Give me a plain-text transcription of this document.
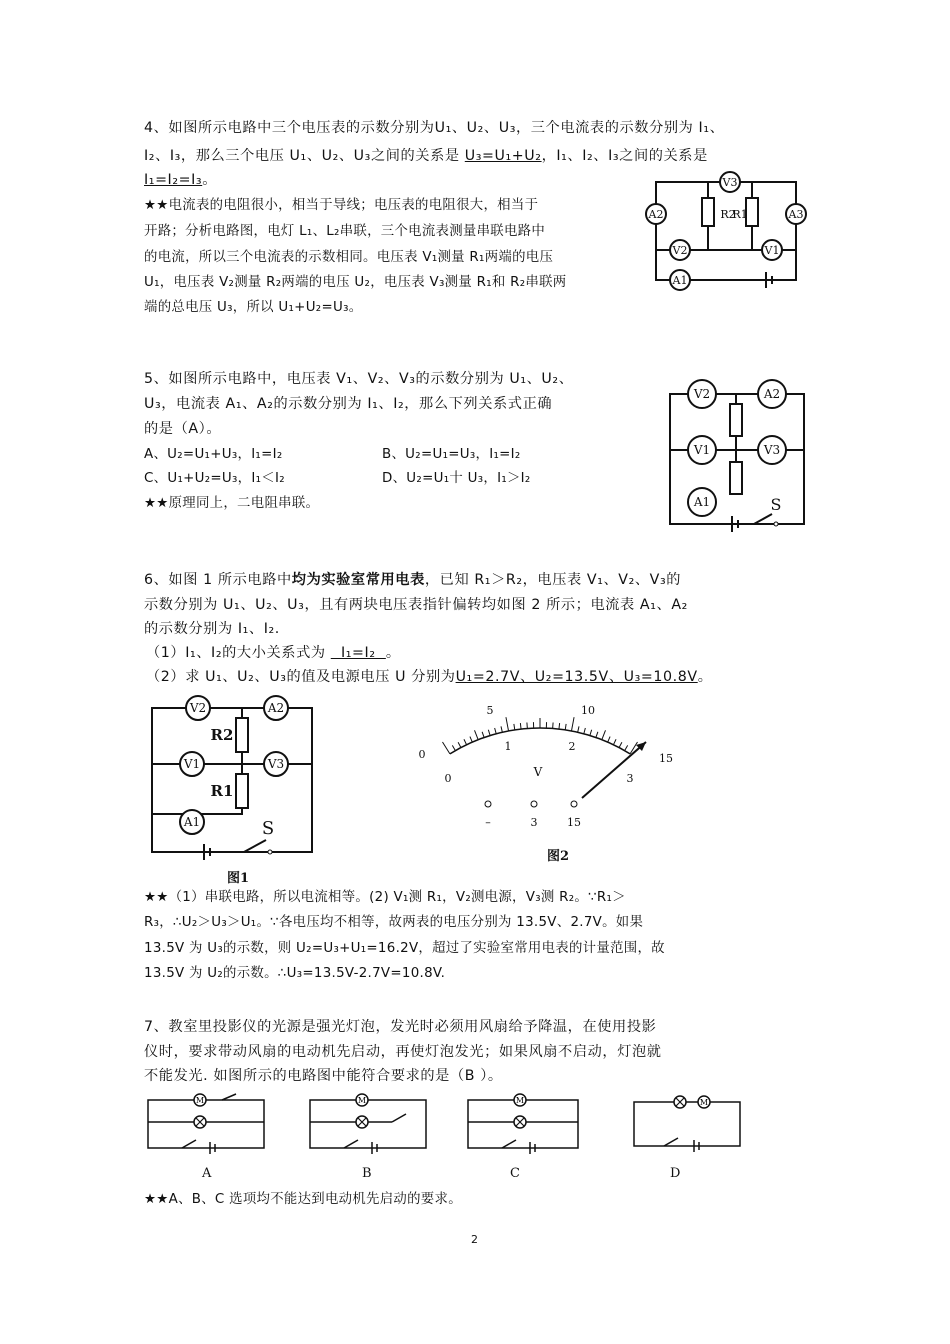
4、如图所示电路中三个电压表的示数分别为U₁、U₂、U₃，三个电流表的示数分别为 I₁、
I₂、I₃，那么三个电压 U₁、U₂、U₃之间的关系是 U₃=U₁+U₂，I₁、I₂、I₃之间的关系是
I₁=I₂=I₃。
★★电流表的电阻很小，相当于导线；电压表的电阻很大，相当于
开路；分析电路图，电灯 L₁、L₂串联，三个电流表测量串联电路中
的电流，所以三个电流表的示数相同。电压表 V₁测量 R₁两端的电压
U₁，电压表 V₂测量 R₂两端的电压 U₂，电压表 V₃测量 R₁和 R₂串联两
端的总电压 U₃，所以 U₁+U₂=U₃。
V3
A2	A3
R2
R1
V2	V1
A1
5、如图所示电路中，电压表 V₁、V₂、V₃的示数分别为 U₁、U₂、
U₃，电流表 A₁、A₂的示数分别为 I₁、I₂，那么下列关系式正确
的是（A）。
A、U₂=U₁+U₃，I₁=I₂	B、U₂=U₁=U₃，I₁=I₂
C、U₁+U₂=U₃，I₁＜I₂	D、U₂=U₁十 U₃，I₁＞I₂
★★原理同上，二电阻串联。
V2	A2
V1	V3
A1	S
6、如图 1 所示电路中均为实验室常用电表，已知 R₁＞R₂，电压表 V₁、V₂、V₃的
示数分别为 U₁、U₂、U₃，且有两块电压表指针偏转均如图 2 所示；电流表 A₁、A₂
的示数分别为 I₁、I₂.
（1）I₁、I₂的大小关系式为   I₁=I₂  。
（2）求 U₁、U₂、U₃的值及电源电压 U 分别为U₁=2.7V、U₂=13.5V、U₃=10.8V。
V2	A2
V1	V3
A1
R2
R1
S
图1
0
5	10
15
0
1	2
3
V
–	3	15
图2
★★（1）串联电路，所以电流相等。(2) V₁测 R₁，V₂测电源，V₃测 R₂。∵R₁＞
R₃，∴U₂＞U₃＞U₁。∵各电压均不相等，故两表的电压分别为 13.5V、2.7V。如果
13.5V 为 U₃的示数，则 U₂=U₃+U₁=16.2V，超过了实验室常用电表的计量范围，故
13.5V 为 U₂的示数。∴U₃=13.5V-2.7V=10.8V.
7、教室里投影仪的光源是强光灯泡，发光时必须用风扇给予降温，在使用投影
仪时，要求带动风扇的电动机先启动，再使灯泡发光；如果风扇不启动，灯泡就
不能发光. 如图所示的电路图中能符合要求的是（B ）。
M	M	M	M
A	B	C	D
★★A、B、C 选项均不能达到电动机先启动的要求。
2
